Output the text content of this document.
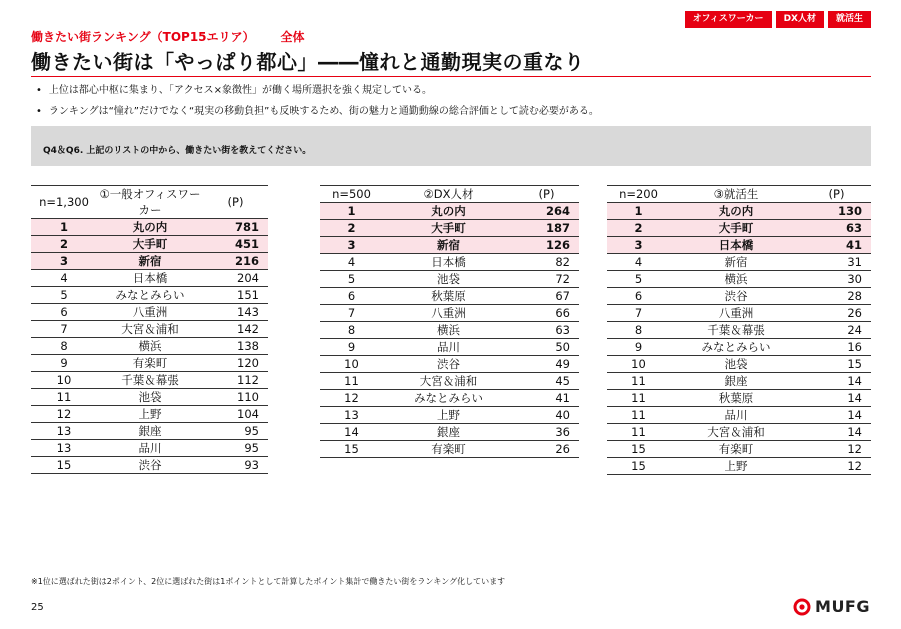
オフィスワーカー	DX人材	就活生
働きたい街ランキング（TOP15エリア） 全体
働きたい街は「やっぱり都心」――憧れと通勤現実の重なり
• 上位は都心中枢に集まり、「アクセス×象徴性」が働く場所選択を強く規定している。
• ランキングは“憧れ”だけでなく“現実の移動負担”も反映するため、街の魅力と通勤動線の総合評価として読む必要がある。
Q4＆Q6. 上記のリストの中から、働きたい街を教えてください。
n=1,300	①一般オフィスワーカー	(P)
1	丸の内	781
2	大手町	451
3	新宿	216
4	日本橋	204
5	みなとみらい	151
6	八重洲	143
7	大宮＆浦和	142
8	横浜	138
9	有楽町	120
10	千葉＆幕張	112
11	池袋	110
12	上野	104
13	銀座	95
13	品川	95
15	渋谷	93
n=500	②DX人材	(P)
1	丸の内	264
2	大手町	187
3	新宿	126
4	日本橋	82
5	池袋	72
6	秋葉原	67
7	八重洲	66
8	横浜	63
9	品川	50
10	渋谷	49
11	大宮＆浦和	45
12	みなとみらい	41
13	上野	40
14	銀座	36
15	有楽町	26
n=200	③就活生	(P)
1	丸の内	130
2	大手町	63
3	日本橋	41
4	新宿	31
5	横浜	30
6	渋谷	28
7	八重洲	26
8	千葉＆幕張	24
9	みなとみらい	16
10	池袋	15
11	銀座	14
11	秋葉原	14
11	品川	14
11	大宮＆浦和	14
15	有楽町	12
15	上野	12
※1位に選ばれた街は2ポイント、2位に選ばれた街は1ポイントとして計算したポイント集計で働きたい街をランキング化しています
25	MUFG
